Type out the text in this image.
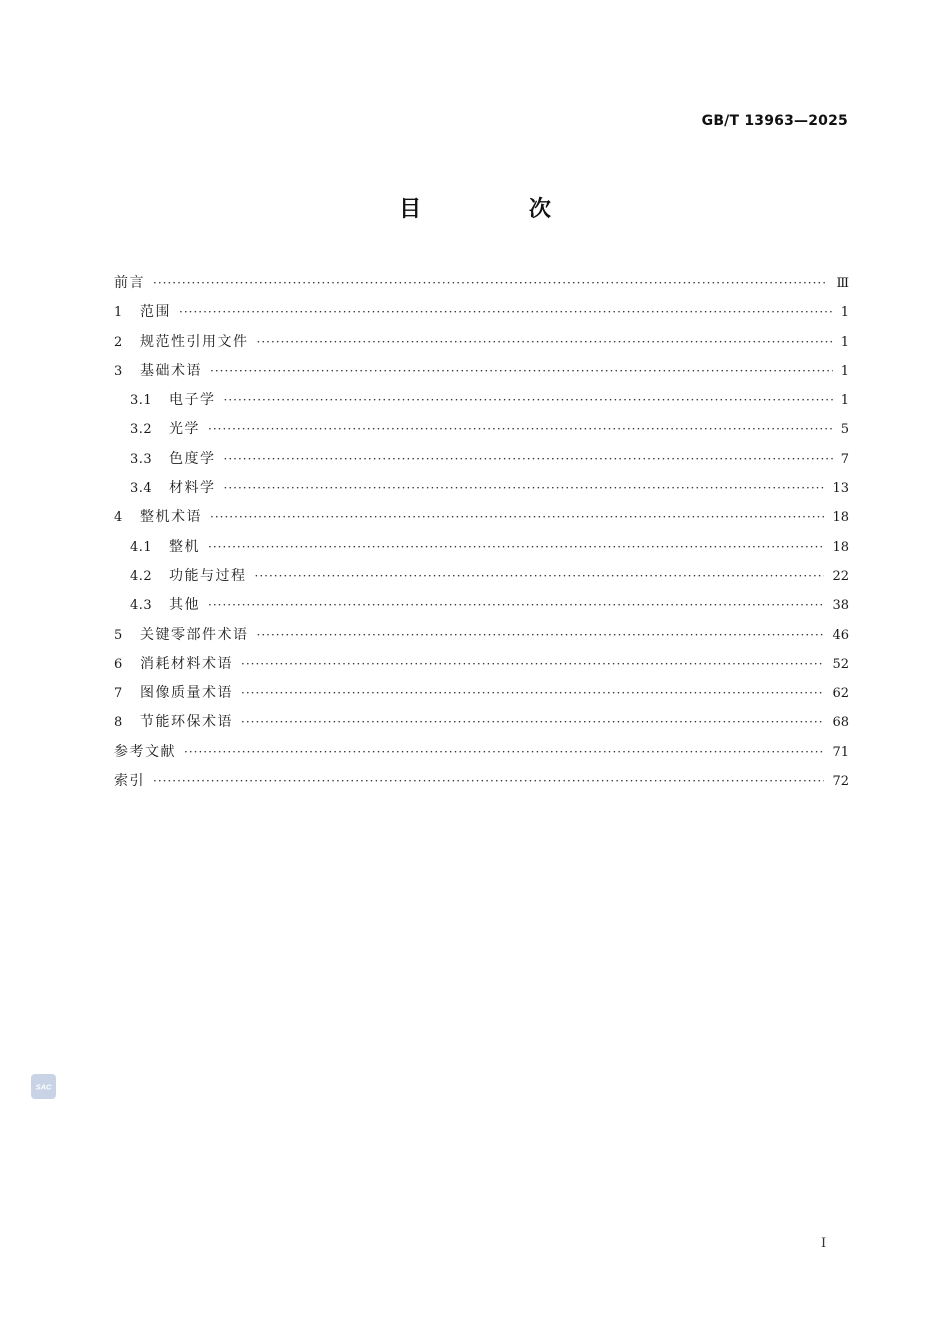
GB/T 13963—2025
目 次
前言 ·····	Ⅲ
1	范围 ·····	1
2	规范性引用文件 ·····	1
3	基础术语 ·····	1
3.1	电子学 ·····	1
3.2	光学 ·····	5
3.3	色度学 ·····	7
3.4	材料学 ·····	13
4	整机术语 ·····	18
4.1	整机 ·····	18
4.2	功能与过程 ·····	22
4.3	其他 ·····	38
5	关键零部件术语 ·····	46
6	消耗材料术语 ·····	52
7	图像质量术语 ·····	62
8	节能环保术语 ·····	68
参考文献 ·····	71
索引 ·····	72
I
SAC
